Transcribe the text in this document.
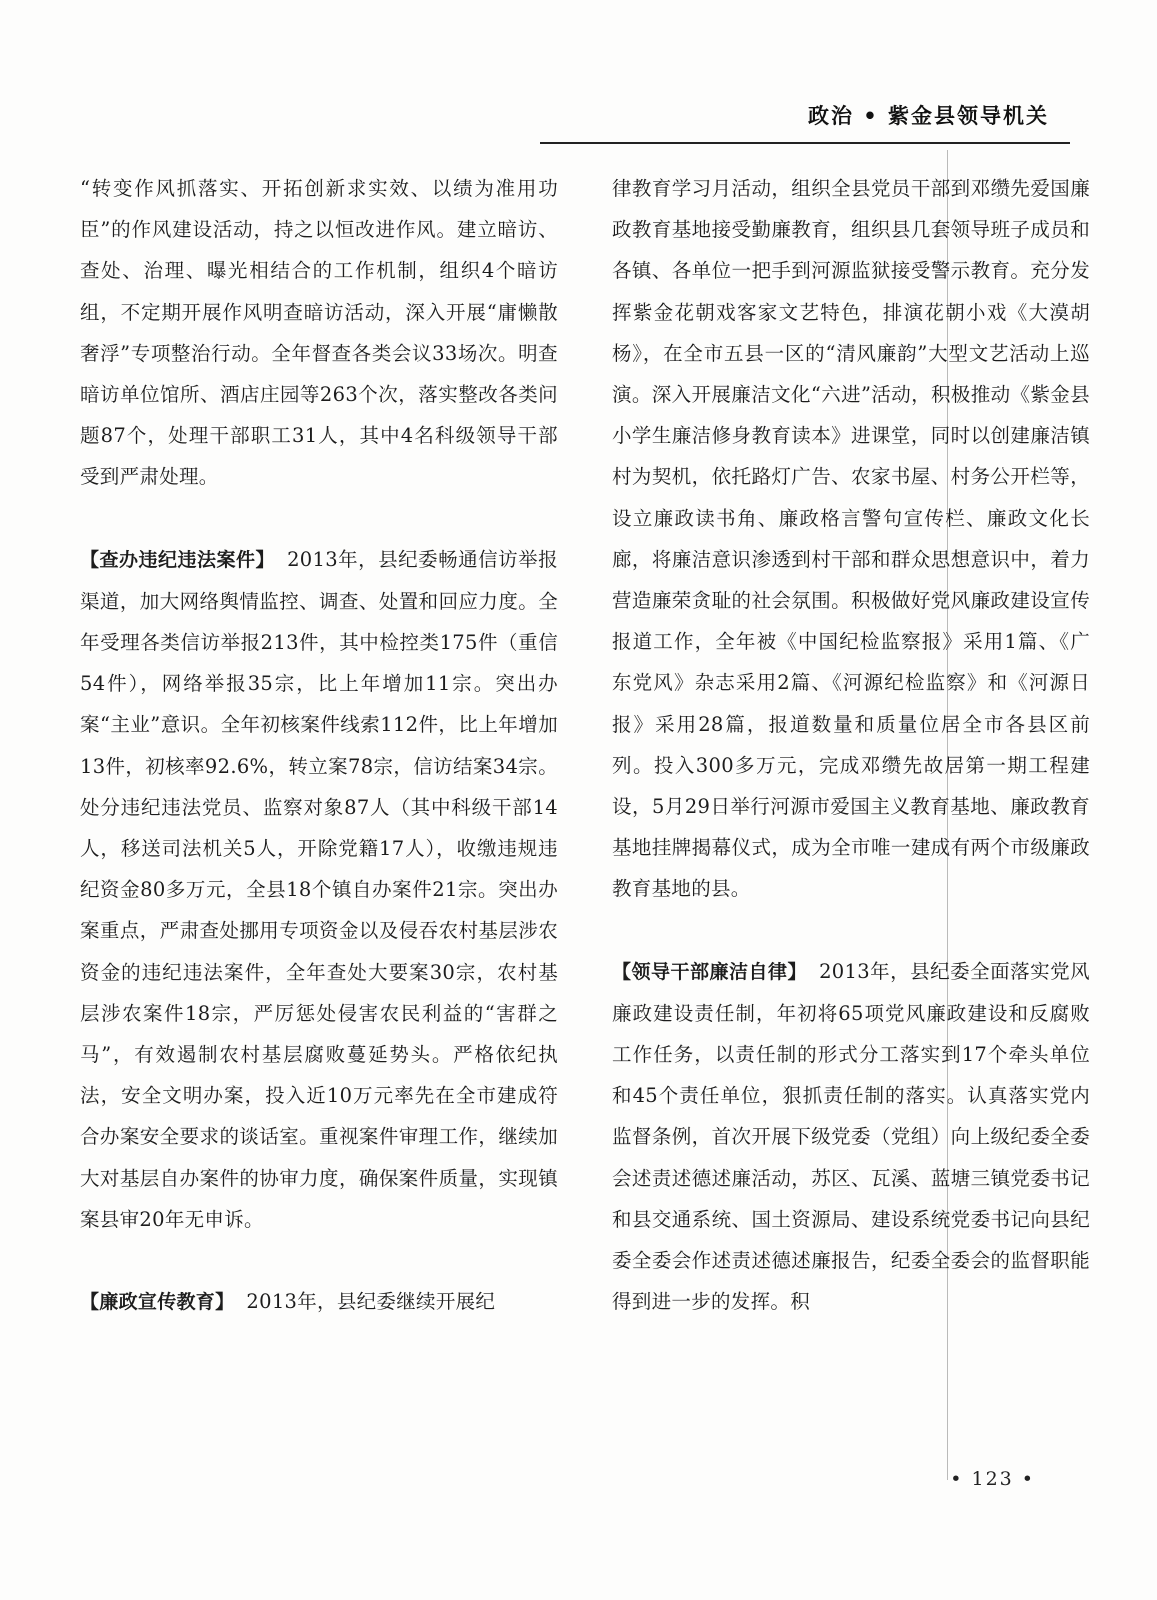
政治 • 紫金县领导机关

“转变作风抓落实、开拓创新求实效、以绩为准用功臣”的作风建设活动，持之以恒改进作风。建立暗访、查处、治理、曝光相结合的工作机制，组织4个暗访组，不定期开展作风明查暗访活动，深入开展“庸懒散奢浮”专项整治行动。全年督查各类会议33场次。明查暗访单位馆所、酒店庄园等263个次，落实整改各类问题87个，处理干部职工31人，其中4名科级领导干部受到严肃处理。

【查办违纪违法案件】 2013年，县纪委畅通信访举报渠道，加大网络舆情监控、调查、处置和回应力度。全年受理各类信访举报213件，其中检控类175件（重信54件），网络举报35宗，比上年增加11宗。突出办案“主业”意识。全年初核案件线索112件，比上年增加13件，初核率92.6%，转立案78宗，信访结案34宗。处分违纪违法党员、监察对象87人（其中科级干部14人，移送司法机关5人，开除党籍17人），收缴违规违纪资金80多万元，全县18个镇自办案件21宗。突出办案重点，严肃查处挪用专项资金以及侵吞农村基层涉农资金的违纪违法案件，全年查处大要案30宗，农村基层涉农案件18宗，严厉惩处侵害农民利益的“害群之马”，有效遏制农村基层腐败蔓延势头。严格依纪执法，安全文明办案，投入近10万元率先在全市建成符合办案安全要求的谈话室。重视案件审理工作，继续加大对基层自办案件的协审力度，确保案件质量，实现镇案县审20年无申诉。

【廉政宣传教育】 2013年，县纪委继续开展纪

律教育学习月活动，组织全县党员干部到邓缵先爱国廉政教育基地接受勤廉教育，组织县几套领导班子成员和各镇、各单位一把手到河源监狱接受警示教育。充分发挥紫金花朝戏客家文艺特色，排演花朝小戏《大漠胡杨》，在全市五县一区的“清风廉韵”大型文艺活动上巡演。深入开展廉洁文化“六进”活动，积极推动《紫金县小学生廉洁修身教育读本》进课堂，同时以创建廉洁镇村为契机，依托路灯广告、农家书屋、村务公开栏等，设立廉政读书角、廉政格言警句宣传栏、廉政文化长廊，将廉洁意识渗透到村干部和群众思想意识中，着力营造廉荣贪耻的社会氛围。积极做好党风廉政建设宣传报道工作，全年被《中国纪检监察报》采用1篇、《广东党风》杂志采用2篇、《河源纪检监察》和《河源日报》采用28篇，报道数量和质量位居全市各县区前列。投入300多万元，完成邓缵先故居第一期工程建设，5月29日举行河源市爱国主义教育基地、廉政教育基地挂牌揭幕仪式，成为全市唯一建成有两个市级廉政教育基地的县。

【领导干部廉洁自律】 2013年，县纪委全面落实党风廉政建设责任制，年初将65项党风廉政建设和反腐败工作任务，以责任制的形式分工落实到17个牵头单位和45个责任单位，狠抓责任制的落实。认真落实党内监督条例，首次开展下级党委（党组）向上级纪委全委会述责述德述廉活动，苏区、瓦溪、蓝塘三镇党委书记和县交通系统、国土资源局、建设系统党委书记向县纪委全委会作述责述德述廉报告，纪委全委会的监督职能得到进一步的发挥。积

• 123 •
